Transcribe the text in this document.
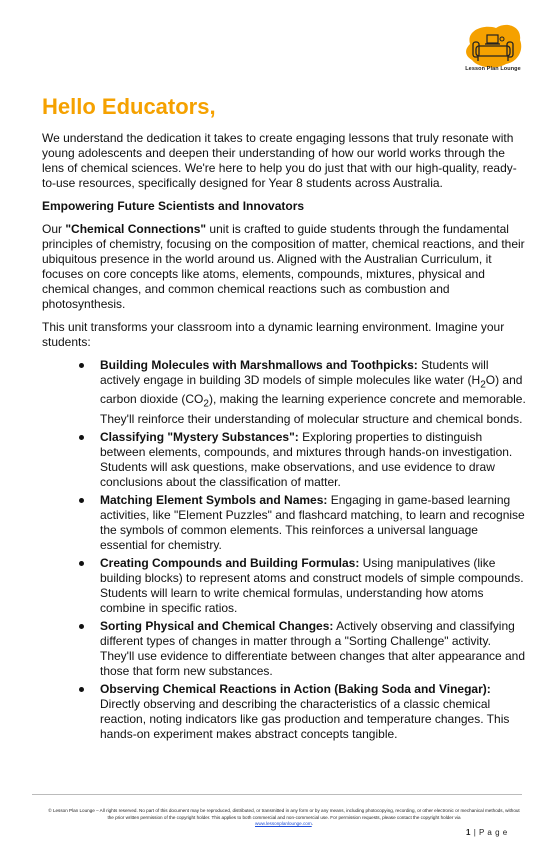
Lesson Plan Lounge
Hello Educators,

We understand the dedication it takes to create engaging lessons that truly resonate with young adolescents and deepen their understanding of how our world works through the lens of chemical sciences. We're here to help you do just that with our high-quality, ready-to-use resources, specifically designed for Year 8 students across Australia.

Empowering Future Scientists and Innovators

Our "Chemical Connections" unit is crafted to guide students through the fundamental principles of chemistry, focusing on the composition of matter, chemical reactions, and their ubiquitous presence in the world around us. Aligned with the Australian Curriculum, it focuses on core concepts like atoms, elements, compounds, mixtures, physical and chemical changes, and common chemical reactions such as combustion and photosynthesis.

This unit transforms your classroom into a dynamic learning environment. Imagine your students:

Building Molecules with Marshmallows and Toothpicks: Students will actively engage in building 3D models of simple molecules like water $(H_2O)$ and carbon dioxide $(CO_2)$, making the learning experience concrete and memorable. They'll reinforce their understanding of molecular structure and chemical bonds.
Classifying "Mystery Substances": Exploring properties to distinguish between elements, compounds, and mixtures through hands-on investigation. Students will ask questions, make observations, and use evidence to draw conclusions about the classification of matter.
Matching Element Symbols and Names: Engaging in game-based learning activities, like "Element Puzzles" and flashcard matching, to learn and recognise the symbols of common elements. This reinforces a universal language essential for chemistry.
Creating Compounds and Building Formulas: Using manipulatives (like building blocks) to represent atoms and construct models of simple compounds. Students will learn to write chemical formulas, understanding how atoms combine in specific ratios.
Sorting Physical and Chemical Changes: Actively observing and classifying different types of changes in matter through a "Sorting Challenge" activity. They'll use evidence to differentiate between changes that alter appearance and those that form new substances.
Observing Chemical Reactions in Action (Baking Soda and Vinegar): Directly observing and describing the characteristics of a classic chemical reaction, noting indicators like gas production and temperature changes. This hands-on experiment makes abstract concepts tangible.
© Lesson Plan Lounge – All rights reserved. No part of this document may be reproduced, distributed, or transmitted in any form or by any means, including photocopying, recording, or other electronic or mechanical methods, without the prior written permission of the copyright holder. This applies to both commercial and non-commercial use. For permission requests, please contact the copyright holder via
www.lessonplanlounge.com.
1 | P a g e
